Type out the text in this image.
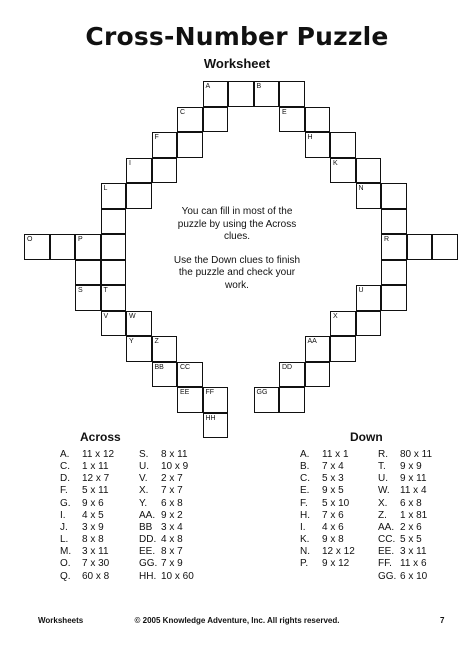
Cross-Number Puzzle
Worksheet
A	B
C	E
F	H
I	K
L	N
O	P	R
S	T	U
V	W	X
Y	Z	AA
BB CC	DD
EE FF	GG
HH

You can fill in most of the puzzle by using the Across clues.

Use the Down clues to finish the puzzle and check your work.

Across	Down
A. 11 x 12
C. 1 x 11
D. 12 x 7
F. 5 x 11
G. 9 x 6
I. 4 x 5
J. 3 x 9
L. 8 x 8
M. 3 x 11
O. 7 x 30
Q. 60 x 8
S. 8 x 11
U. 10 x 9
V. 2 x 7
X. 7 x 7
Y. 6 x 8
AA. 9 x 2
BB 3 x 4
DD. 4 x 8
EE. 8 x 7
GG. 7 x 9
HH. 10 x 60
A. 11 x 1
B. 7 x 4
C. 5 x 3
E. 9 x 5
F. 5 x 10
H. 7 x 6
I. 4 x 6
K. 9 x 8
N. 12 x 12
P. 9 x 12
R. 80 x 11
T. 9 x 9
U. 9 x 11
W. 11 x 4
X. 6 x 8
Z. 1 x 81
AA. 2 x 6
CC. 5 x 5
EE. 3 x 11
FF. 11 x 6
GG. 6 x 10
Worksheets	© 2005 Knowledge Adventure, Inc. All rights reserved.	7
